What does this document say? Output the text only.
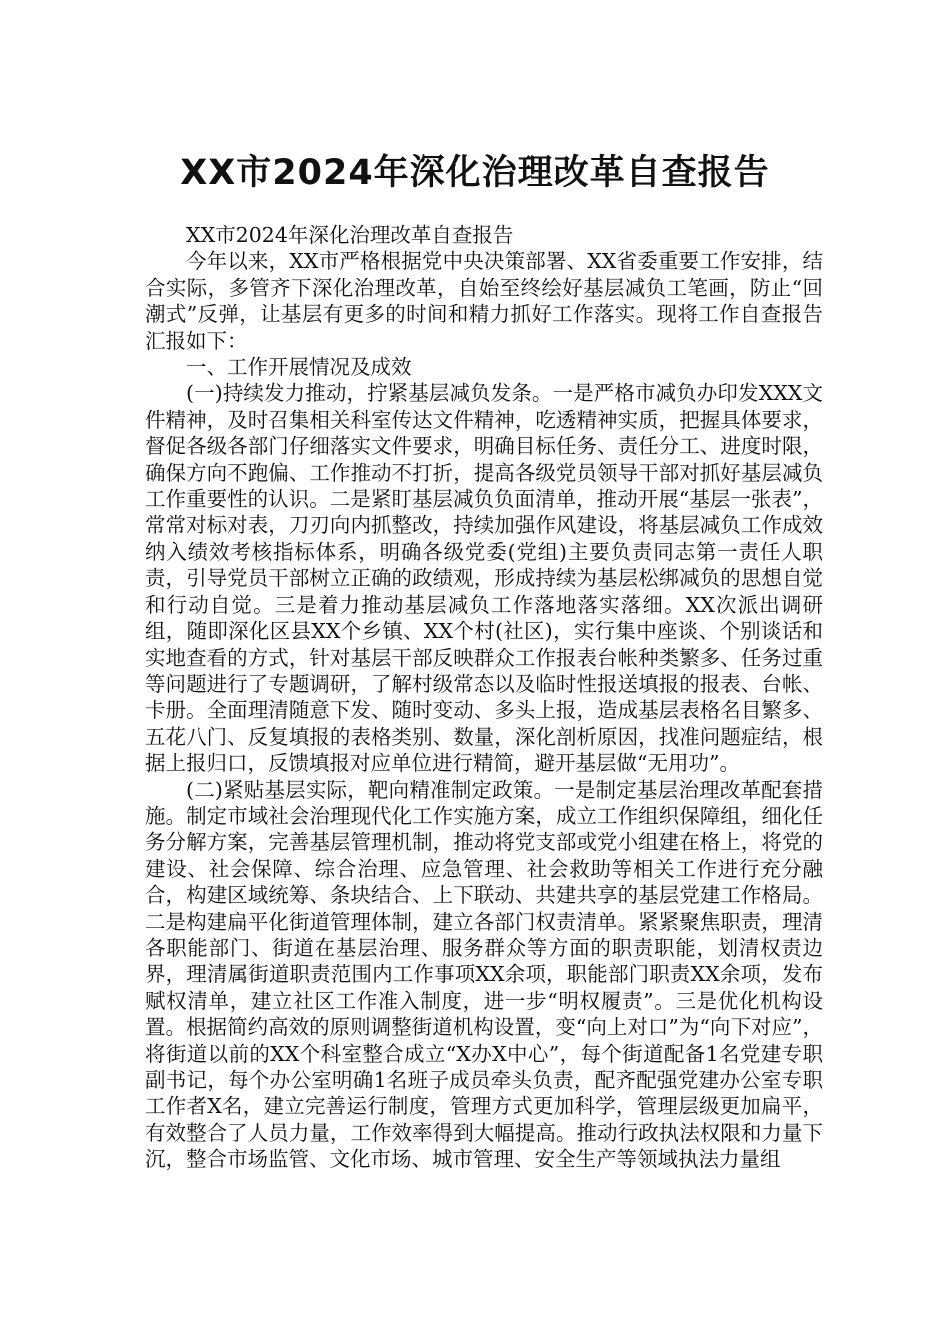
XX市2024年深化治理改革自查报告

XX市2024年深化治理改革自查报告

今年以来，XX市严格根据党中央决策部署、XX省委重要工作安排，结合实际，多管齐下深化治理改革，自始至终绘好基层减负工笔画，防止“回潮式”反弹，让基层有更多的时间和精力抓好工作落实。现将工作自查报告汇报如下：

一、工作开展情况及成效

(一)持续发力推动，拧紧基层减负发条。一是严格市减负办印发XXX文件精神，及时召集相关科室传达文件精神，吃透精神实质，把握具体要求，督促各级各部门仔细落实文件要求，明确目标任务、责任分工、进度时限，确保方向不跑偏、工作推动不打折，提高各级党员领导干部对抓好基层减负工作重要性的认识。二是紧盯基层减负负面清单，推动开展“基层一张表”，常常对标对表，刀刃向内抓整改，持续加强作风建设，将基层减负工作成效纳入绩效考核指标体系，明确各级党委(党组)主要负责同志第一责任人职责，引导党员干部树立正确的政绩观，形成持续为基层松绑减负的思想自觉和行动自觉。三是着力推动基层减负工作落地落实落细。XX次派出调研组，随即深化区县XX个乡镇、XX个村(社区)，实行集中座谈、个别谈话和实地查看的方式，针对基层干部反映群众工作报表台帐种类繁多、任务过重等问题进行了专题调研，了解村级常态以及临时性报送填报的报表、台帐、卡册。全面理清随意下发、随时变动、多头上报，造成基层表格名目繁多、五花八门、反复填报的表格类别、数量，深化剖析原因，找准问题症结，根据上报归口，反馈填报对应单位进行精简，避开基层做“无用功”。

(二)紧贴基层实际，靶向精准制定政策。一是制定基层治理改革配套措施。制定市域社会治理现代化工作实施方案，成立工作组织保障组，细化任务分解方案，完善基层管理机制，推动将党支部或党小组建在格上，将党的建设、社会保障、综合治理、应急管理、社会救助等相关工作进行充分融合，构建区域统筹、条块结合、上下联动、共建共享的基层党建工作格局。二是构建扁平化街道管理体制，建立各部门权责清单。紧紧聚焦职责，理清各职能部门、街道在基层治理、服务群众等方面的职责职能，划清权责边界，理清属街道职责范围内工作事项XX余项，职能部门职责XX余项，发布赋权清单，建立社区工作准入制度，进一步“明权履责”。三是优化机构设置。根据简约高效的原则调整街道机构设置，变“向上对口”为“向下对应”，将街道以前的XX个科室整合成立“X办X中心”，每个街道配备1名党建专职副书记，每个办公室明确1名班子成员牵头负责，配齐配强党建办公室专职工作者X名，建立完善运行制度，管理方式更加科学，管理层级更加扁平，有效整合了人员力量，工作效率得到大幅提高。推动行政执法权限和力量下沉，整合市场监管、文化市场、城市管理、安全生产等领域执法力量组
